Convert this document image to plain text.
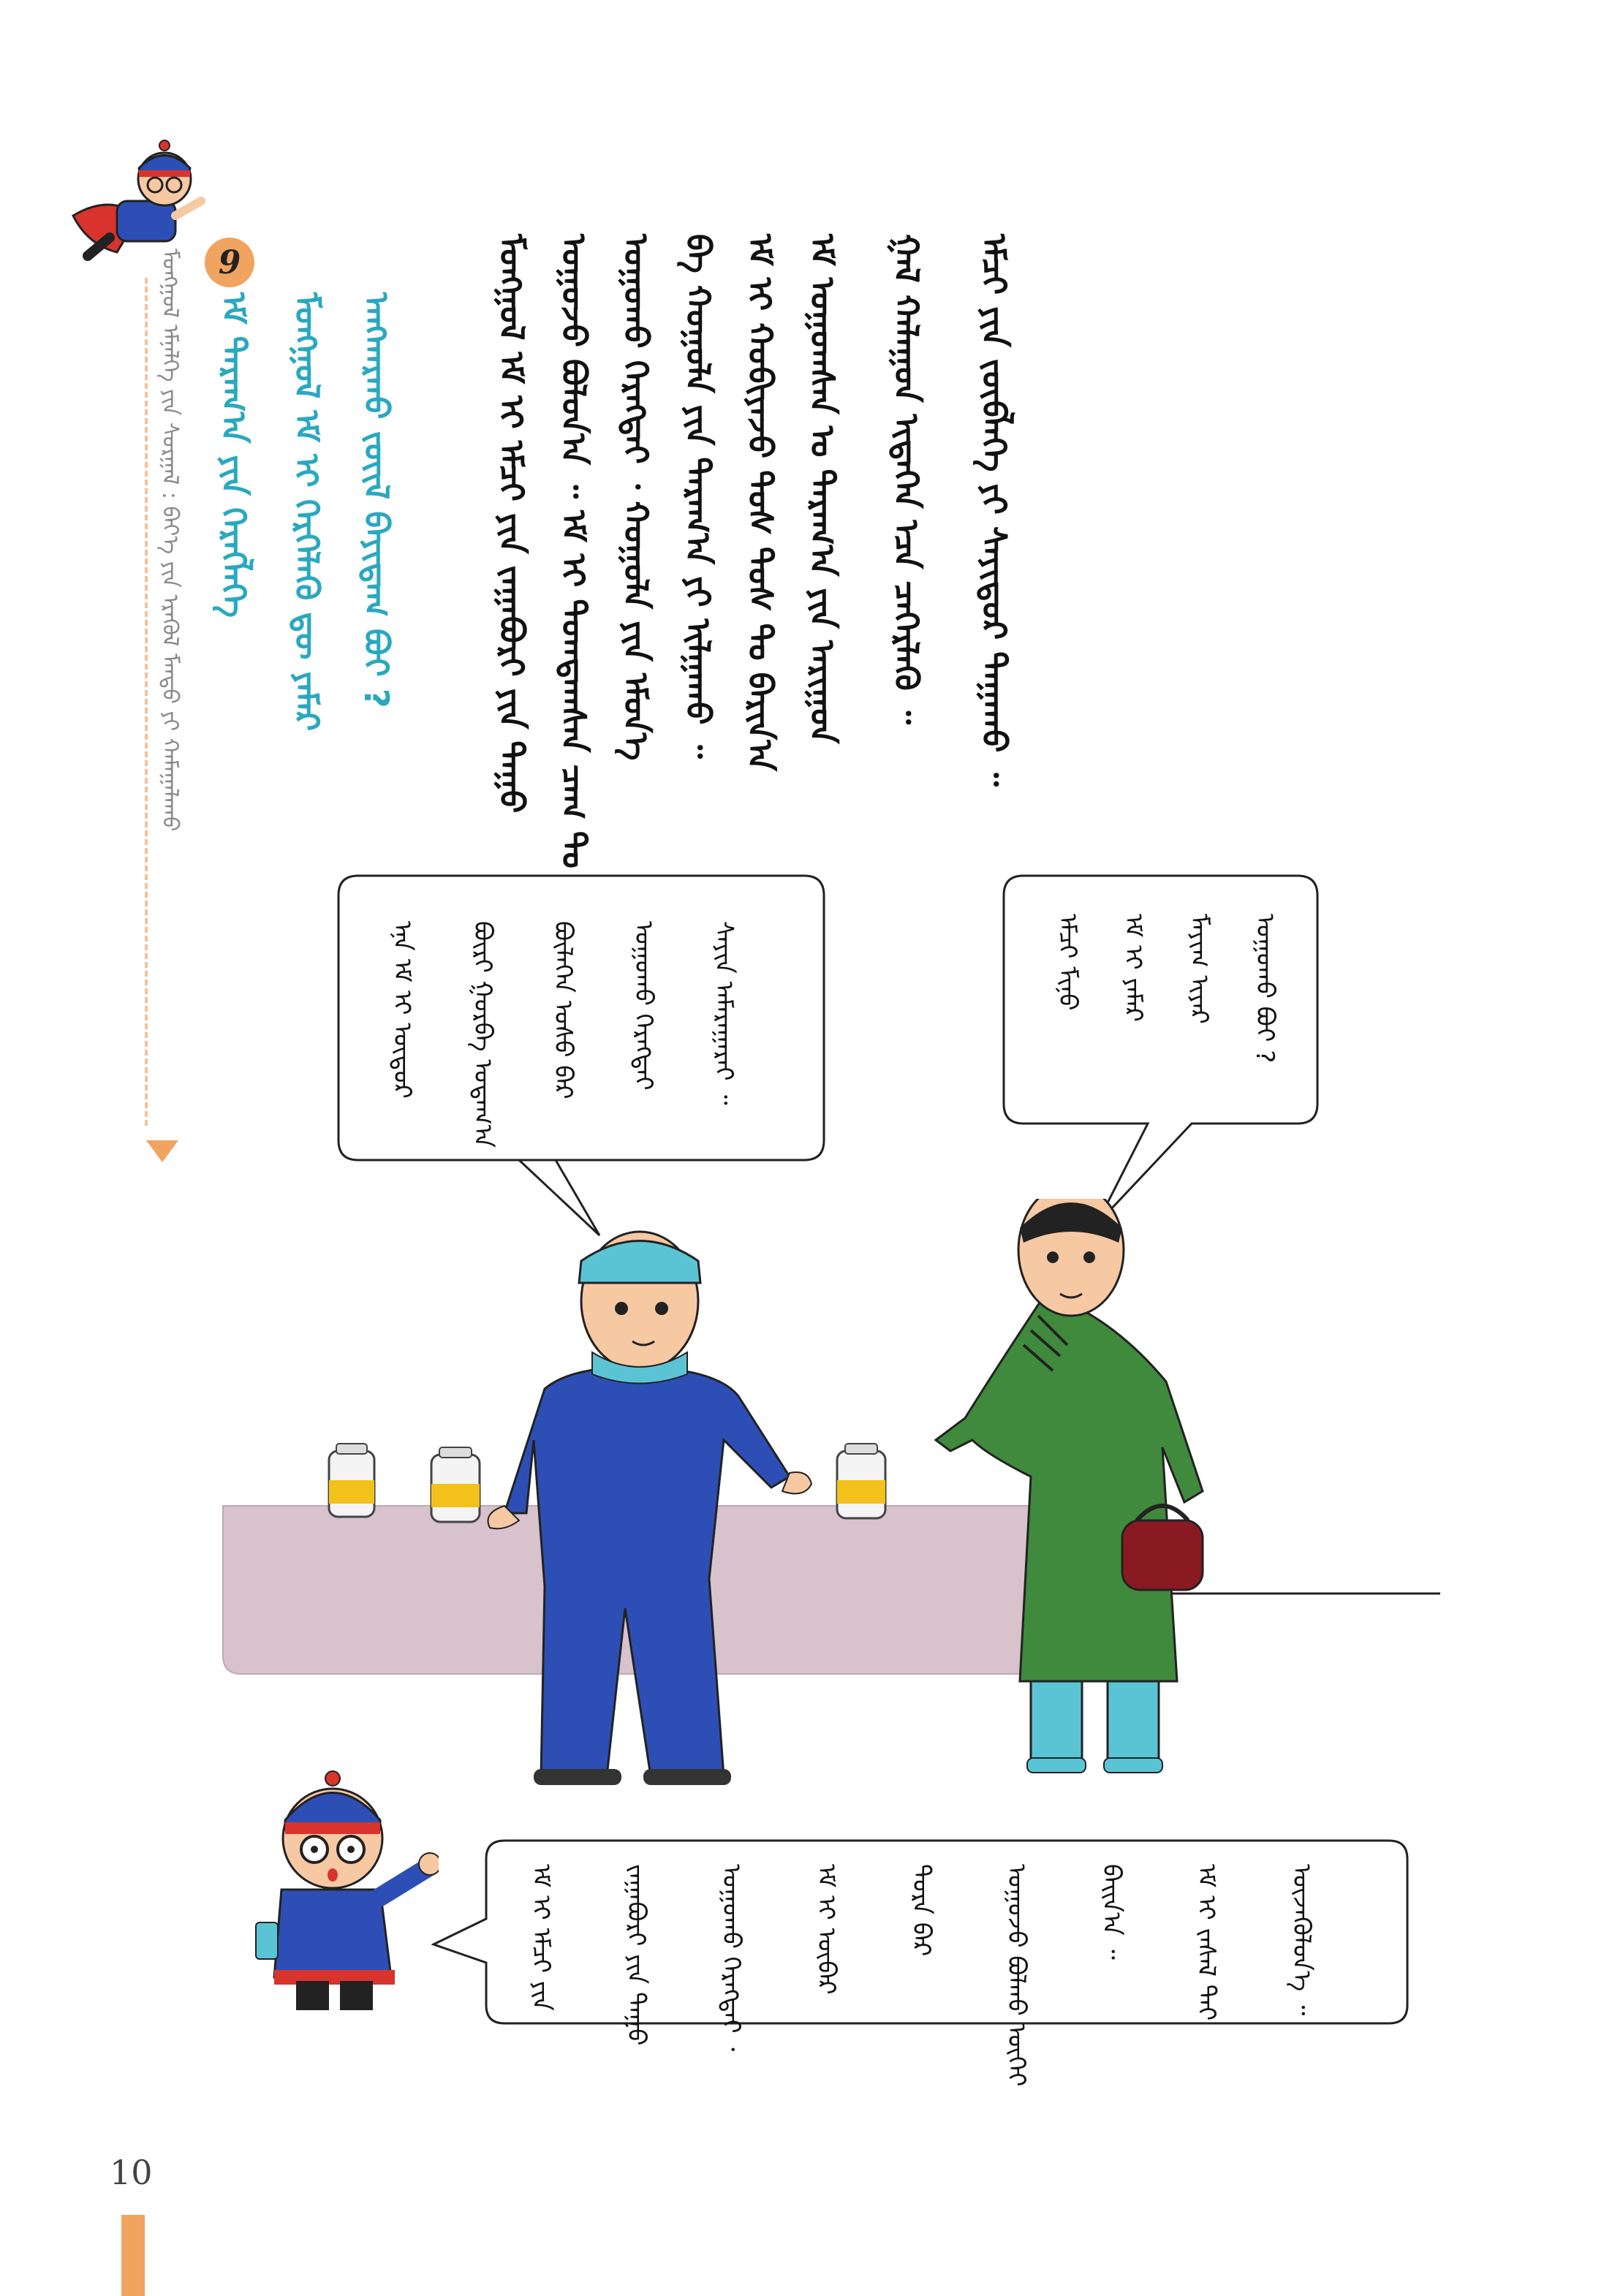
ᠮᠣᠩᠭᠤᠯ ᠡᠮᠨᠡᠯᠭᠡ ᠶᠢᠨ ᠰᠤᠷᠭᠠᠯ : ᠪᠡᠶ᠎ᠡ ᠶᠢᠨ ᠡᠷᠡᠭᠦᠯ ᠮᠡᠨᠳᠦ ᠶᠢ ᠬᠠᠮᠠᠭᠠᠯᠠᠬᠤ	9
ᠡᠮ ᠲᠠᠷᠠᠭ᠎ᠠ ᠶᠢᠨ ᠬᠡᠷᠡᠭᠯᠡᠭᠡ ᠮᠣᠩᠭᠤᠯ ᠡᠮ ᠢ ᠬᠡᠷᠭᠡᠯᠡᠬᠦ ᠳᠦ ᠶᠠᠮᠠᠷ ᠠᠩᠬᠠᠷᠬᠤ ᠵᠦᠢᠯ ᠪᠠᠶᠢᠳᠠᠭ ᠪᠤᠢ ?	ᠮᠣᠩᠭᠤᠯ ᠡᠮ ᠢ ᠡᠮᠴᠢ ᠶᠢᠨ ᠵᠠᠭᠠᠪᠤᠷᠢ ᠶᠢᠨ ᠳᠠᠭᠤ ᠤᠭᠤᠵᠤ ᠪᠣᠯᠤᠨ᠎ᠠ ᠃ ᠡᠮ ᠢ ᠲᠣᠭᠲᠠᠭᠰᠠᠨ ᠴᠠᠭ ᠲᠤ ᠤᠭᠤᠬᠤ ᠬᠡᠷᠡᠭᠲᠡᠢ ᠂ ᠬᠣᠭᠣᠯᠠ ᠶᠢᠨ ᠡᠮᠦᠨ᠎ᠡ ᠪᠠ ᠬᠣᠭᠣᠯᠠ ᠶᠢᠨ ᠳᠠᠷᠠᠭ᠎ᠠ ᠶᠢ ᠢᠯᠭᠠᠬᠤ ᠃ ᠡᠮ ᠢ ᠬᠤᠪᠢᠶᠠᠵᠤ ᠲᠤᠰ ᠲᠤᠰ ᠲᠤ ᠪᠠᠷᠢᠨ᠎ᠠ ᠡᠮ ᠤᠭᠤᠭᠰᠠᠨ ᠤ ᠳᠠᠷᠠᠭ᠎ᠠ ᠶᠢᠨ ᠠᠷᠢᠭᠤᠨ ᠭᠠᠯ ᠬᠠᠯᠠᠭᠤᠨ ᠢᠳᠡᠭᠡᠨ ᠡᠴᠡ ᠴᠡᠭᠡᠷᠯᠡᠬᠦ ᠃ ᠡᠮᠴᠢ ᠶᠢᠨ ᠵᠦᠪᠯᠡᠭᠡ ᠶᠢ ᠰᠠᠶᠢᠲᠤᠷ ᠳᠠᠭᠠᠬᠤ ᠃
ᠡᠨᠡ ᠡᠮ ᠢ ᠥᠳᠦᠷ ᠪᠦᠷᠢ ᠭᠤᠷᠪᠠ ᠤᠳᠠᠭ᠎ᠠ ᠪᠦᠯᠡᠭᠡᠨ ᠤᠰᠤ ᠪᠠᠷ ᠤᠭᠤᠬᠤ ᠬᠡᠷᠡᠭᠲᠡᠢ ᠰᠠᠶᠢᠨ ᠠᠮᠠᠷᠠᠭᠠᠷᠠᠢ ᠃	ᠡᠮᠴᠢ ᠮᠢᠨᠦ ᠡᠮ ᠢ ᠶᠠᠮᠠᠷ ᠮᠠᠶᠢᠭ ᠢᠶᠠᠷ ᠤᠭᠤᠬᠤ ᠪᠤᠢ ?
ᠡᠮ ᠢ ᠡᠮᠴᠢ ᠶᠢᠨ	ᠵᠠᠭᠠᠪᠤᠷᠢ ᠶᠢᠨ ᠳᠠᠭᠤ	ᠤᠭᠤᠬᠤ ᠬᠡᠷᠡᠭᠲᠡᠢ ᠂	ᠡᠮ ᠢ ᠥᠪᠡᠷ	ᠳᠤᠷᠠ ᠪᠠᠷ	ᠤᠭᠤᠵᠤ ᠪᠣᠯᠬᠤ ᠦᠭᠡᠢ	ᠪᠠᠢᠨ᠎ᠠ ᠃	ᠡᠮ ᠢ ᠵᠠᠰᠠᠯ ᠲᠠᠢ	ᠦᠵᠡᠭᠦᠯᠦᠨ᠎ᠡ ᠃
10
